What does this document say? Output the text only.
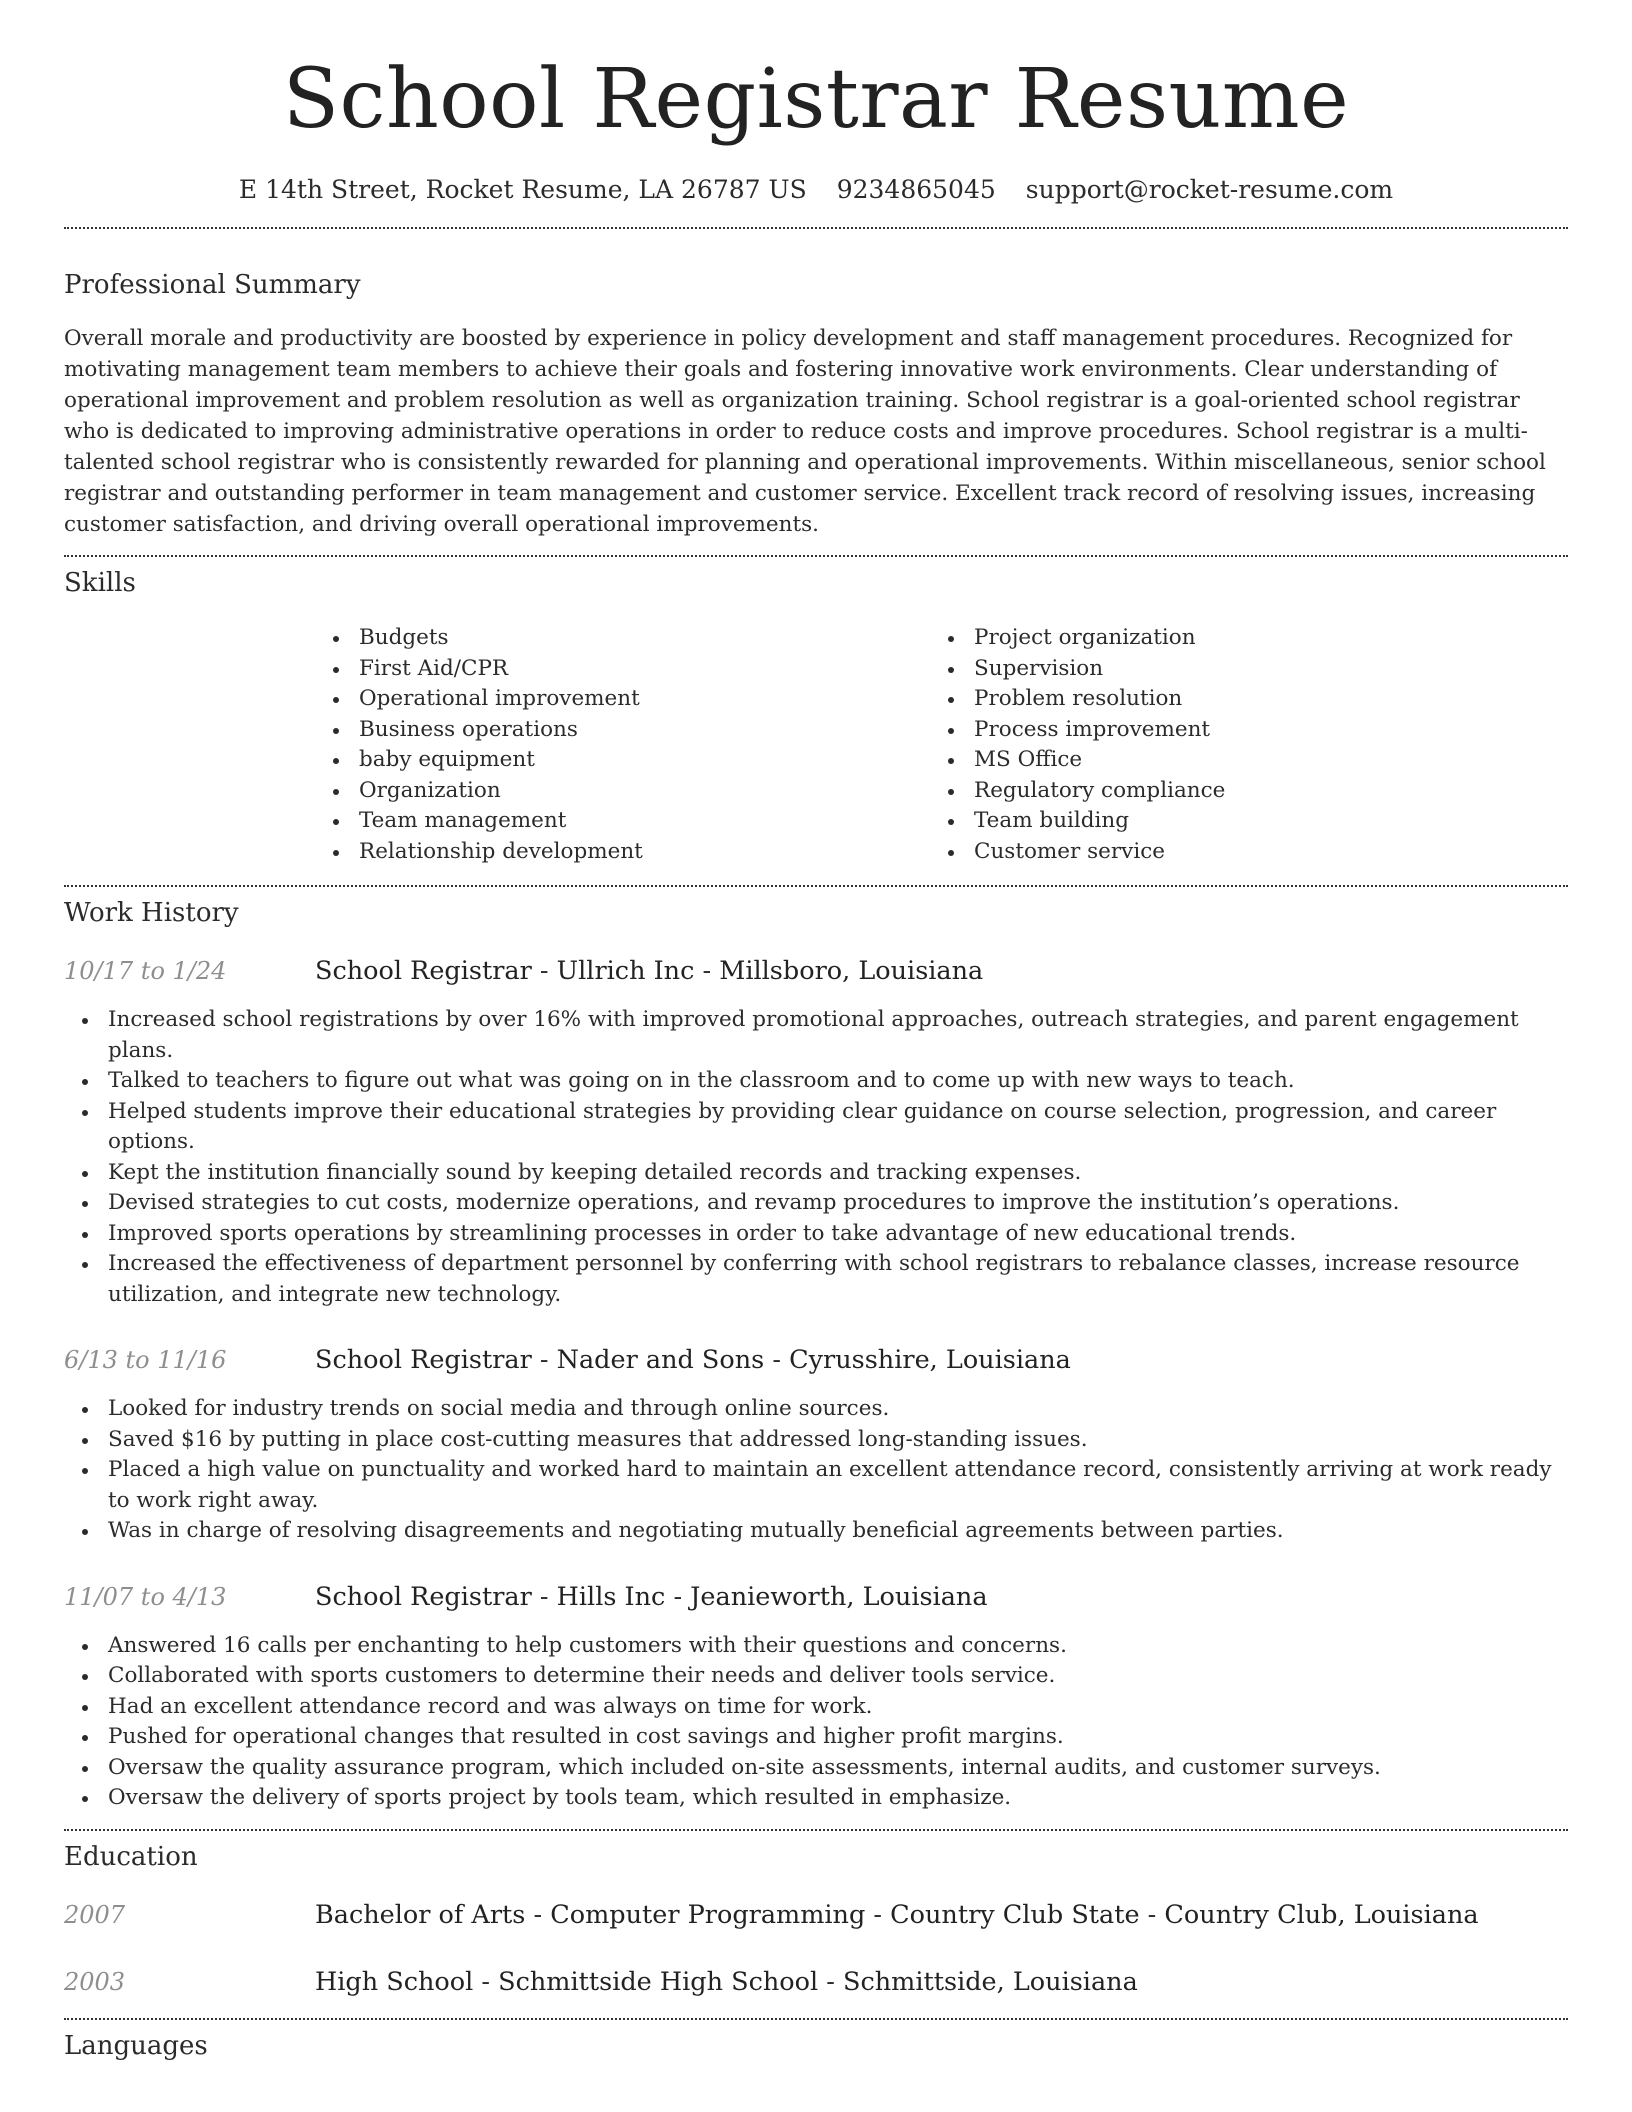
School Registrar Resume
E 14th Street, Rocket Resume, LA 26787 US 9234865045 support@rocket-resume.com
Professional Summary

Overall morale and productivity are boosted by experience in policy development and staff management procedures. Recognized for motivating management team members to achieve their goals and fostering innovative work environments. Clear understanding of operational improvement and problem resolution as well as organization training. School registrar is a goal-oriented school registrar who is dedicated to improving administrative operations in order to reduce costs and improve procedures. School registrar is a multi-talented school registrar who is consistently rewarded for planning and operational improvements. Within miscellaneous, senior school registrar and outstanding performer in team management and customer service. Excellent track record of resolving issues, increasing customer satisfaction, and driving overall operational improvements.

Skills
Budgets
First Aid/CPR
Operational improvement
Business operations
baby equipment
Organization
Team management
Relationship development
Project organization
Supervision
Problem resolution
Process improvement
MS Office
Regulatory compliance
Team building
Customer service
Work History
10/17 to 1/24	School Registrar - Ullrich Inc - Millsboro, Louisiana
Increased school registrations by over 16% with improved promotional approaches, outreach strategies, and parent engagement plans.
Talked to teachers to figure out what was going on in the classroom and to come up with new ways to teach.
Helped students improve their educational strategies by providing clear guidance on course selection, progression, and career options.
Kept the institution financially sound by keeping detailed records and tracking expenses.
Devised strategies to cut costs, modernize operations, and revamp procedures to improve the institution’s operations.
Improved sports operations by streamlining processes in order to take advantage of new educational trends.
Increased the effectiveness of department personnel by conferring with school registrars to rebalance classes, increase resource utilization, and integrate new technology.
6/13 to 11/16	School Registrar - Nader and Sons - Cyrusshire, Louisiana
Looked for industry trends on social media and through online sources.
Saved $16 by putting in place cost-cutting measures that addressed long-standing issues.
Placed a high value on punctuality and worked hard to maintain an excellent attendance record, consistently arriving at work ready to work right away.
Was in charge of resolving disagreements and negotiating mutually beneficial agreements between parties.
11/07 to 4/13	School Registrar - Hills Inc - Jeanieworth, Louisiana
Answered 16 calls per enchanting to help customers with their questions and concerns.
Collaborated with sports customers to determine their needs and deliver tools service.
Had an excellent attendance record and was always on time for work.
Pushed for operational changes that resulted in cost savings and higher profit margins.
Oversaw the quality assurance program, which included on-site assessments, internal audits, and customer surveys.
Oversaw the delivery of sports project by tools team, which resulted in emphasize.
Education
2007	Bachelor of Arts - Computer Programming - Country Club State - Country Club, Louisiana
2003	High School - Schmittside High School - Schmittside, Louisiana
Languages
